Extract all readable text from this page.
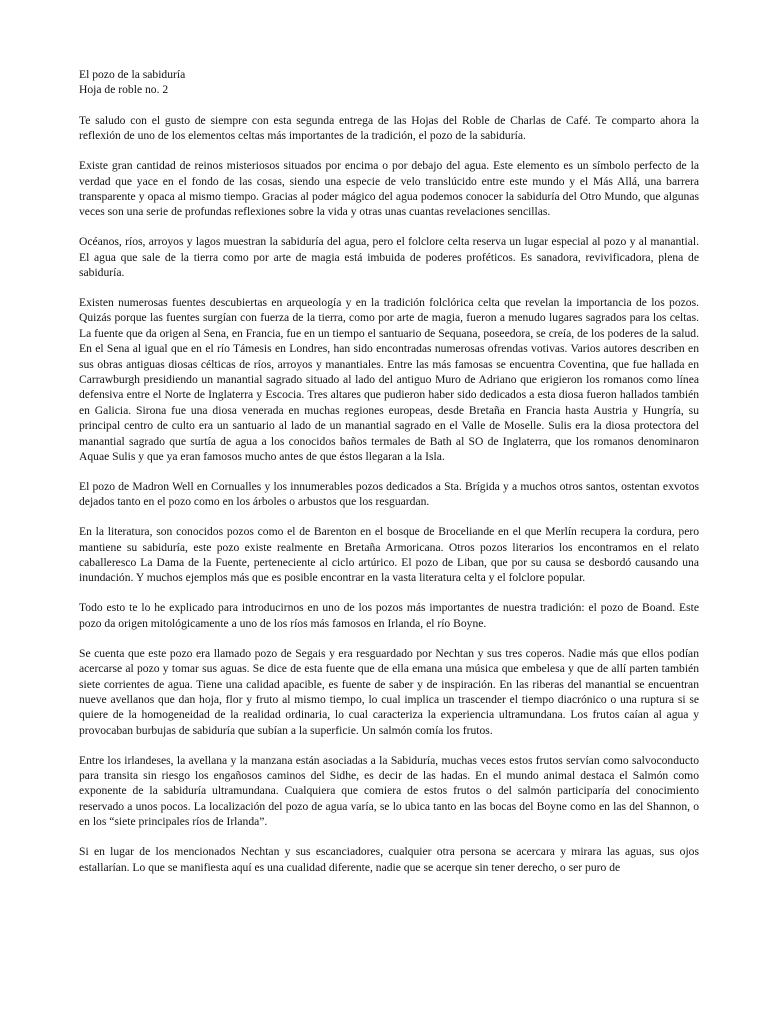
El pozo de la sabiduría

Hoja de roble no. 2

Te saludo con el gusto de siempre con esta segunda entrega de las Hojas del Roble de Charlas de Café. Te comparto ahora la reflexión de uno de los elementos celtas más importantes de la tradición, el pozo de la sabiduría.

Existe gran cantidad de reinos misteriosos situados por encima o por debajo del agua. Este elemento es un símbolo perfecto de la verdad que yace en el fondo de las cosas, siendo una especie de velo translúcido entre este mundo y el Más Allá, una barrera transparente y opaca al mismo tiempo. Gracias al poder mágico del agua podemos conocer la sabiduría del Otro Mundo, que algunas veces son una serie de profundas reflexiones sobre la vida y otras unas cuantas revelaciones sencillas.

Océanos, ríos, arroyos y lagos muestran la sabiduría del agua, pero el folclore celta reserva un lugar especial al pozo y al manantial. El agua que sale de la tierra como por arte de magia está imbuida de poderes proféticos. Es sanadora, revivificadora, plena de sabiduría.

Existen numerosas fuentes descubiertas en arqueología y en la tradición folclórica celta que revelan la importancia de los pozos. Quizás porque las fuentes surgían con fuerza de la tierra, como por arte de magia, fueron a menudo lugares sagrados para los celtas. La fuente que da origen al Sena, en Francia, fue en un tiempo el santuario de Sequana, poseedora, se creía, de los poderes de la salud. En el Sena al igual que en el río Támesis en Londres, han sido encontradas numerosas ofrendas votivas. Varios autores describen en sus obras antiguas diosas célticas de ríos, arroyos y manantiales. Entre las más famosas se encuentra Coventina, que fue hallada en Carrawburgh presidiendo un manantial sagrado situado al lado del antiguo Muro de Adriano que erigieron los romanos como línea defensiva entre el Norte de Inglaterra y Escocia. Tres altares que pudieron haber sido dedicados a esta diosa fueron hallados también en Galicia. Sirona fue una diosa venerada en muchas regiones europeas, desde Bretaña en Francia hasta Austria y Hungría, su principal centro de culto era un santuario al lado de un manantial sagrado en el Valle de Moselle. Sulis era la diosa protectora del manantial sagrado que surtía de agua a los conocidos baños termales de Bath al SO de Inglaterra, que los romanos denominaron Aquae Sulis y que ya eran famosos mucho antes de que éstos llegaran a la Isla.

El pozo de Madron Well en Cornualles y los innumerables pozos dedicados a Sta. Brígida y a muchos otros santos, ostentan exvotos dejados tanto en el pozo como en los árboles o arbustos que los resguardan.

En la literatura, son conocidos pozos como el de Barenton en el bosque de Broceliande en el que Merlín recupera la cordura, pero mantiene su sabiduría, este pozo existe realmente en Bretaña Armoricana. Otros pozos literarios los encontramos en el relato caballeresco La Dama de la Fuente, perteneciente al ciclo artúrico. El pozo de Liban, que por su causa se desbordó causando una inundación. Y muchos ejemplos más que es posible encontrar en la vasta literatura celta y el folclore popular.

Todo esto te lo he explicado para introducirnos en uno de los pozos más importantes de nuestra tradición: el pozo de Boand. Este pozo da origen mitológicamente a uno de los ríos más famosos en Irlanda, el río Boyne.

Se cuenta que este pozo era llamado pozo de Segais y era resguardado por Nechtan y sus tres coperos. Nadie más que ellos podían acercarse al pozo y tomar sus aguas. Se dice de esta fuente que de ella emana una música que embelesa y que de allí parten también siete corrientes de agua. Tiene una calidad apacible, es fuente de saber y de inspiración. En las riberas del manantial se encuentran nueve avellanos que dan hoja, flor y fruto al mismo tiempo, lo cual implica un trascender el tiempo diacrónico o una ruptura si se quiere de la homogeneidad de la realidad ordinaria, lo cual caracteriza la experiencia ultramundana. Los frutos caían al agua y provocaban burbujas de sabiduría que subían a la superficie. Un salmón comía los frutos.

Entre los irlandeses, la avellana y la manzana están asociadas a la Sabiduría, muchas veces estos frutos servían como salvoconducto para transita sin riesgo los engañosos caminos del Sidhe, es decir de las hadas. En el mundo animal destaca el Salmón como exponente de la sabiduría ultramundana. Cualquiera que comiera de estos frutos o del salmón participaría del conocimiento reservado a unos pocos. La localización del pozo de agua varía, se lo ubica tanto en las bocas del Boyne como en las del Shannon, o en los “siete principales ríos de Irlanda”.

Si en lugar de los mencionados Nechtan y sus escanciadores, cualquier otra persona se acercara y mirara las aguas, sus ojos estallarían. Lo que se manifiesta aquí es una cualidad diferente, nadie que se acerque sin tener derecho, o ser puro de
